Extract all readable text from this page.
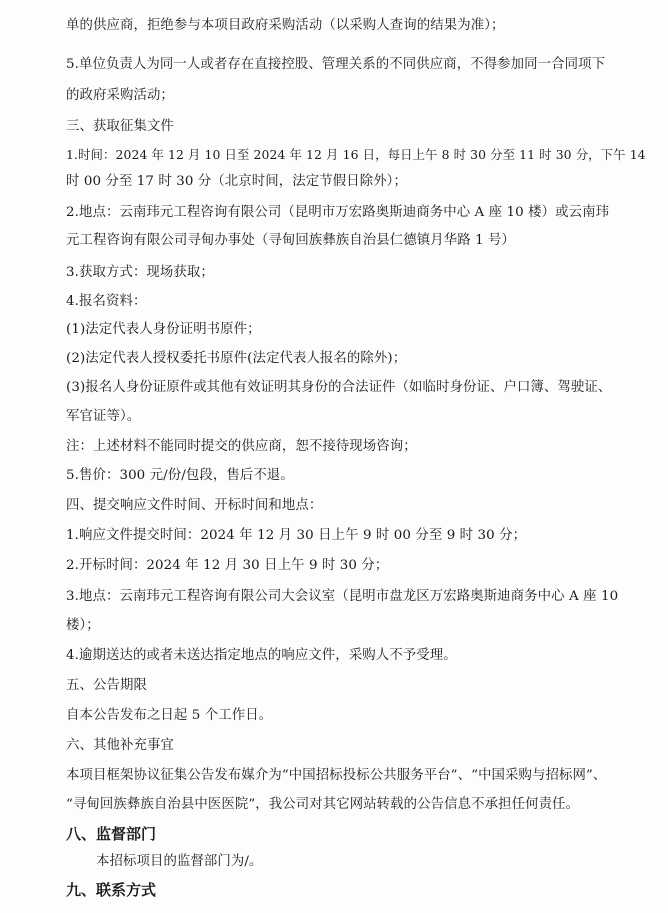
单的供应商，拒绝参与本项目政府采购活动（以采购人查询的结果为准）；
5.单位负责人为同一人或者存在直接控股、管理关系的不同供应商，不得参加同一合同项下
的政府采购活动；
三、获取征集文件
1.时间：2024 年 12 月 10 日至 2024 年 12 月 16 日，每日上午 8 时 30 分至 11 时 30 分，下午 14
时 00 分至 17 时 30 分（北京时间，法定节假日除外）；
2.地点：云南玮元工程咨询有限公司（昆明市万宏路奥斯迪商务中心 A 座 10 楼）或云南玮
元工程咨询有限公司寻甸办事处（寻甸回族彝族自治县仁德镇月华路 1 号）
3.获取方式：现场获取；
4.报名资料：
(1)法定代表人身份证明书原件；
(2)法定代表人授权委托书原件(法定代表人报名的除外)；
(3)报名人身份证原件或其他有效证明其身份的合法证件（如临时身份证、户口簿、驾驶证、
军官证等）。
注：上述材料不能同时提交的供应商，恕不接待现场咨询；
5.售价：300 元/份/包段，售后不退。
四、提交响应文件时间、开标时间和地点：
1.响应文件提交时间：2024 年 12 月 30 日上午 9 时 00 分至 9 时 30 分；
2.开标时间：2024 年 12 月 30 日上午 9 时 30 分；
3.地点：云南玮元工程咨询有限公司大会议室（昆明市盘龙区万宏路奥斯迪商务中心 A 座 10
楼）；
4.逾期送达的或者未送达指定地点的响应文件，采购人不予受理。
五、公告期限
自本公告发布之日起 5 个工作日。
六、其他补充事宜
本项目框架协议征集公告发布媒介为“中国招标投标公共服务平台”、“中国采购与招标网”、
“寻甸回族彝族自治县中医医院”，我公司对其它网站转载的公告信息不承担任何责任。
八、监督部门
本招标项目的监督部门为/。
九、联系方式
